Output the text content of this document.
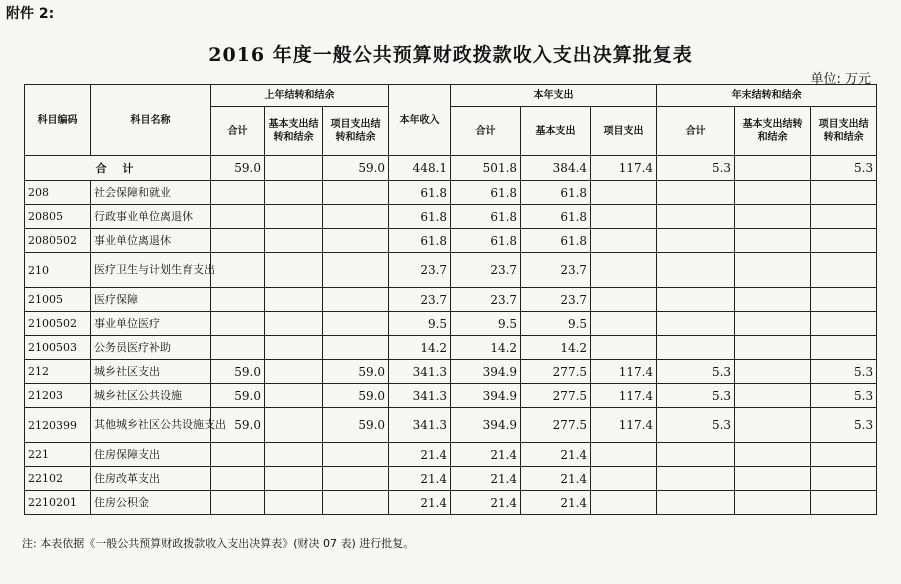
附件 2:
2016 年度一般公共预算财政拨款收入支出决算批复表
单位: 万元
科目编码	科目名称	上年结转和结余			本年收入	本年支出			年末结转和结余		
		合计	基本支出结转和结余	项目支出结转和结余		合计	基本支出	项目支出	合计	基本支出结转和结余	项目支出结转和结余
合 计		59.0		59.0	448.1	501.8	384.4	117.4	5.3		5.3
208	社会保障和就业				61.8	61.8	61.8				
20805	行政事业单位离退休				61.8	61.8	61.8				
2080502	事业单位离退休				61.8	61.8	61.8				
210	医疗卫生与计划生育支出				23.7	23.7	23.7				
21005	医疗保障				23.7	23.7	23.7				
2100502	事业单位医疗				9.5	9.5	9.5				
2100503	公务员医疗补助				14.2	14.2	14.2				
212	城乡社区支出	59.0		59.0	341.3	394.9	277.5	117.4	5.3		5.3
21203	城乡社区公共设施	59.0		59.0	341.3	394.9	277.5	117.4	5.3		5.3
2120399	其他城乡社区公共设施支出	59.0		59.0	341.3	394.9	277.5	117.4	5.3		5.3
221	住房保障支出				21.4	21.4	21.4				
22102	住房改革支出				21.4	21.4	21.4				
2210201	住房公积金				21.4	21.4	21.4				
注: 本表依据《一般公共预算财政拨款收入支出决算表》(财决 07 表) 进行批复。
